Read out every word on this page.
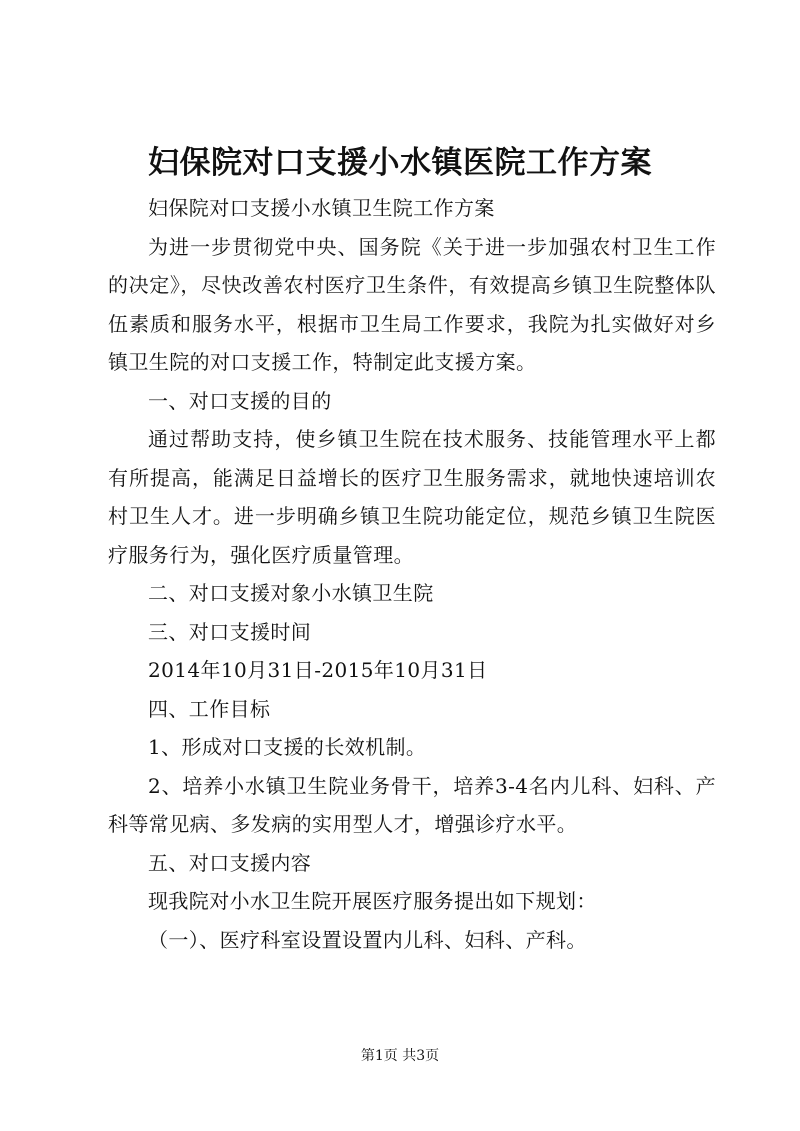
妇保院对口支援小水镇医院工作方案
妇保院对口支援小水镇卫生院工作方案
为进一步贯彻党中央、国务院《关于进一步加强农村卫生工作的决定》，尽快改善农村医疗卫生条件，有效提高乡镇卫生院整体队伍素质和服务水平，根据市卫生局工作要求，我院为扎实做好对乡镇卫生院的对口支援工作，特制定此支援方案。
一、对口支援的目的
通过帮助支持，使乡镇卫生院在技术服务、技能管理水平上都有所提高，能满足日益增长的医疗卫生服务需求，就地快速培训农村卫生人才。进一步明确乡镇卫生院功能定位，规范乡镇卫生院医疗服务行为，强化医疗质量管理。
二、对口支援对象小水镇卫生院
三、对口支援时间
2014年10月31日-2015年10月31日
四、工作目标
1、形成对口支援的长效机制。
2、培养小水镇卫生院业务骨干，培养3-4名内儿科、妇科、产科等常见病、多发病的实用型人才，增强诊疗水平。
五、对口支援内容
现我院对小水卫生院开展医疗服务提出如下规划：
（一）、医疗科室设置设置内儿科、妇科、产科。
第1页 共3页
